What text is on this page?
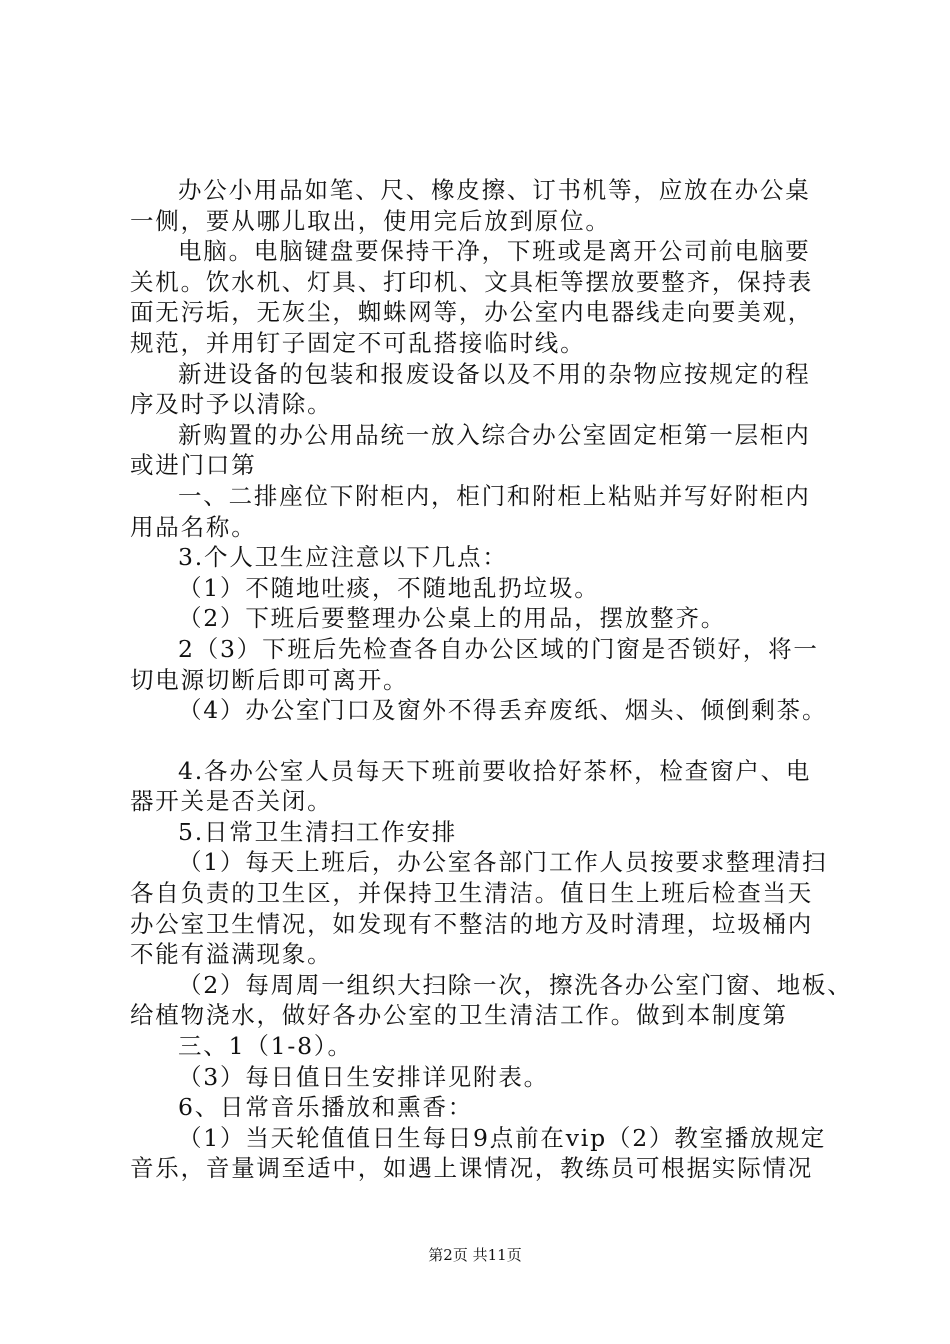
办公小用品如笔、尺、橡皮擦、订书机等，应放在办公桌
一侧，要从哪儿取出，使用完后放到原位。
电脑。电脑键盘要保持干净，下班或是离开公司前电脑要
关机。饮水机、灯具、打印机、文具柜等摆放要整齐，保持表
面无污垢，无灰尘，蜘蛛网等，办公室内电器线走向要美观，
规范，并用钉子固定不可乱搭接临时线。
新进设备的包装和报废设备以及不用的杂物应按规定的程
序及时予以清除。
新购置的办公用品统一放入综合办公室固定柜第一层柜内
或进门口第
一、二排座位下附柜内，柜门和附柜上粘贴并写好附柜内
用品名称。
3.个人卫生应注意以下几点：
（1）不随地吐痰，不随地乱扔垃圾。
（2）下班后要整理办公桌上的用品，摆放整齐。
2（3）下班后先检查各自办公区域的门窗是否锁好，将一
切电源切断后即可离开。
（4）办公室门口及窗外不得丢弃废纸、烟头、倾倒剩茶。
4.各办公室人员每天下班前要收拾好茶杯，检查窗户、电
器开关是否关闭。
5.日常卫生清扫工作安排
（1）每天上班后，办公室各部门工作人员按要求整理清扫
各自负责的卫生区，并保持卫生清洁。值日生上班后检查当天
办公室卫生情况，如发现有不整洁的地方及时清理，垃圾桶内
不能有溢满现象。
（2）每周周一组织大扫除一次，擦洗各办公室门窗、地板、
给植物浇水，做好各办公室的卫生清洁工作。做到本制度第
三、1（1-8）。
（3）每日值日生安排详见附表。
6、日常音乐播放和熏香：
（1）当天轮值值日生每日9点前在vip（2）教室播放规定
音乐，音量调至适中，如遇上课情况，教练员可根据实际情况
第2页 共11页
